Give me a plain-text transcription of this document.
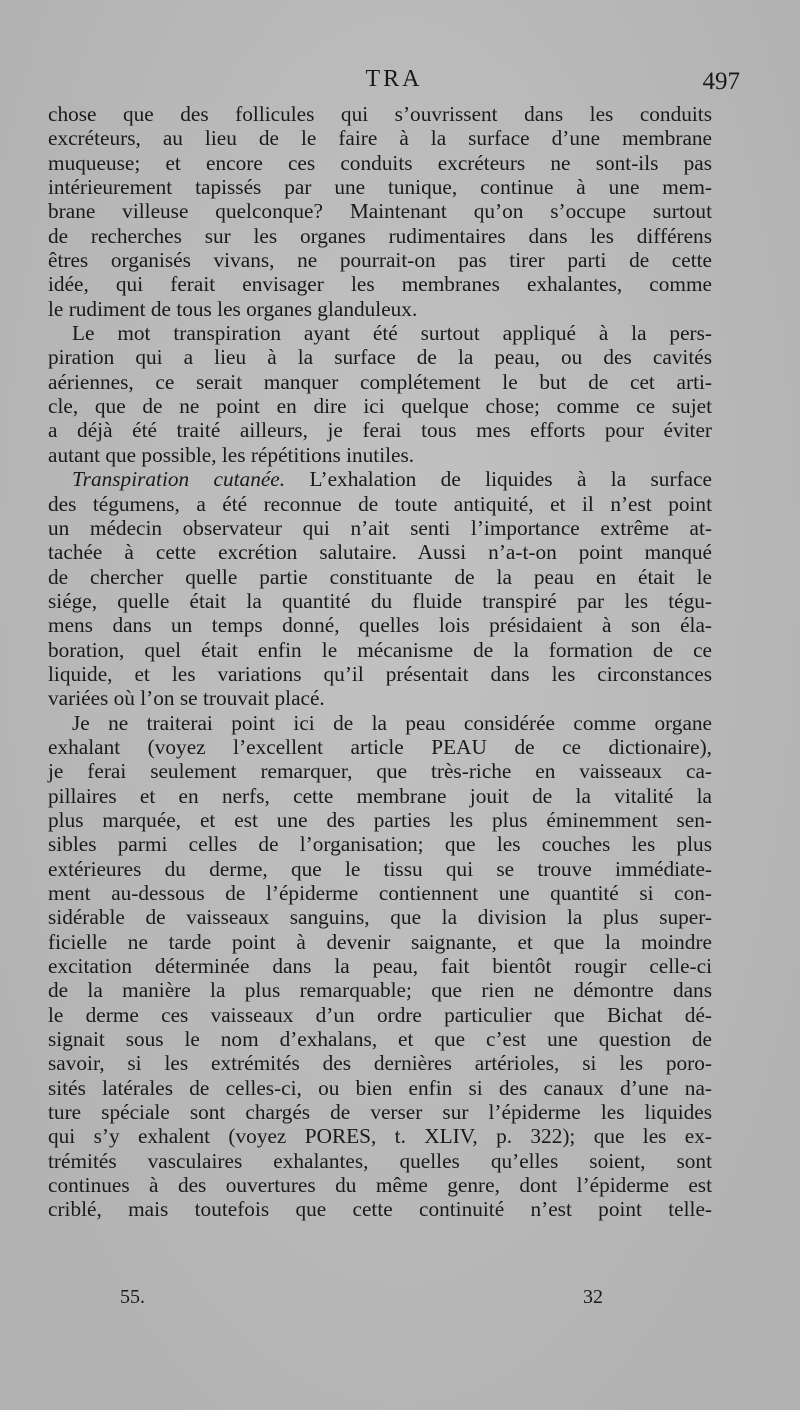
TRA	497
chose que des follicules qui s’ouvrissent dans les conduits
excréteurs, au lieu de le faire à la surface d’une membrane
muqueuse; et encore ces conduits excréteurs ne sont-ils pas
intérieurement tapissés par une tunique, continue à une mem-
brane villeuse quelconque? Maintenant qu’on s’occupe surtout
de recherches sur les organes rudimentaires dans les différens
êtres organisés vivans, ne pourrait-on pas tirer parti de cette
idée, qui ferait envisager les membranes exhalantes, comme
le rudiment de tous les organes glanduleux.
Le mot transpiration ayant été surtout appliqué à la pers-
piration qui a lieu à la surface de la peau, ou des cavités
aériennes, ce serait manquer complétement le but de cet arti-
cle, que de ne point en dire ici quelque chose; comme ce sujet
a déjà été traité ailleurs, je ferai tous mes efforts pour éviter
autant que possible, les répétitions inutiles.
Transpiration cutanée. L’exhalation de liquides à la surface
des tégumens, a été reconnue de toute antiquité, et il n’est point
un médecin observateur qui n’ait senti l’importance extrême at-
tachée à cette excrétion salutaire. Aussi n’a-t-on point manqué
de chercher quelle partie constituante de la peau en était le
siége, quelle était la quantité du fluide transpiré par les tégu-
mens dans un temps donné, quelles lois présidaient à son éla-
boration, quel était enfin le mécanisme de la formation de ce
liquide, et les variations qu’il présentait dans les circonstances
variées où l’on se trouvait placé.
Je ne traiterai point ici de la peau considérée comme organe
exhalant (voyez l’excellent article PEAU de ce dictionaire),
je ferai seulement remarquer, que très-riche en vaisseaux ca-
pillaires et en nerfs, cette membrane jouit de la vitalité la
plus marquée, et est une des parties les plus éminemment sen-
sibles parmi celles de l’organisation; que les couches les plus
extérieures du derme, que le tissu qui se trouve immédiate-
ment au-dessous de l’épiderme contiennent une quantité si con-
sidérable de vaisseaux sanguins, que la division la plus super-
ficielle ne tarde point à devenir saignante, et que la moindre
excitation déterminée dans la peau, fait bientôt rougir celle-ci
de la manière la plus remarquable; que rien ne démontre dans
le derme ces vaisseaux d’un ordre particulier que Bichat dé-
signait sous le nom d’exhalans, et que c’est une question de
savoir, si les extrémités des dernières artérioles, si les poro-
sités latérales de celles-ci, ou bien enfin si des canaux d’une na-
ture spéciale sont chargés de verser sur l’épiderme les liquides
qui s’y exhalent (voyez PORES, t. XLIV, p. 322); que les ex-
trémités vasculaires exhalantes, quelles qu’elles soient, sont
continues à des ouvertures du même genre, dont l’épiderme est
criblé, mais toutefois que cette continuité n’est point telle-
55.	32
